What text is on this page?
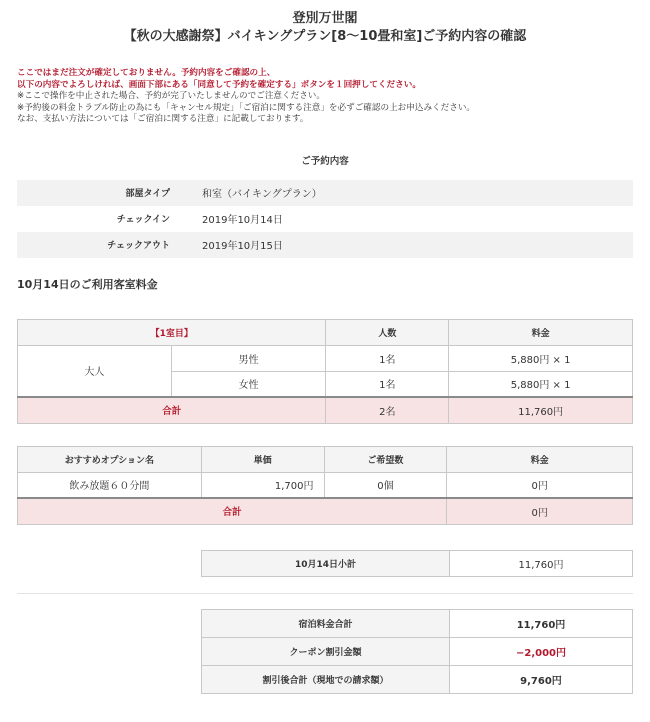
登別万世閣
【秋の大感謝祭】バイキングプラン[8〜10畳和室]ご予約内容の確認
ここではまだ注文が確定しておりません。予約内容をご確認の上、
以下の内容でよろしければ、画面下部にある「同意して予約を確定する」ボタンを１回押してください。
※ここで操作を中止された場合、予約が完了いたしませんのでご注意ください。
※予約後の料金トラブル防止の為にも「キャンセル規定」「ご宿泊に関する注意」を必ずご確認の上お申込みください。
なお、支払い方法については「ご宿泊に関する注意」に記載しております。
ご予約内容
部屋タイプ	和室（バイキングプラン）
チェックイン	2019年10月14日
チェックアウト	2019年10月15日
10月14日のご利用客室料金
【1室目】		人数	料金
大人	男性	1名	5,880円 × 1
	女性	1名	5,880円 × 1
合計		2名	11,760円
おすすめオプション名	単価	ご希望数	料金
飲み放題６０分間	1,700円	0個	0円
合計			0円
10月14日小計	11,760円
宿泊料金合計	11,760円
クーポン割引金額	−2,000円
割引後合計（現地での請求額）	9,760円
